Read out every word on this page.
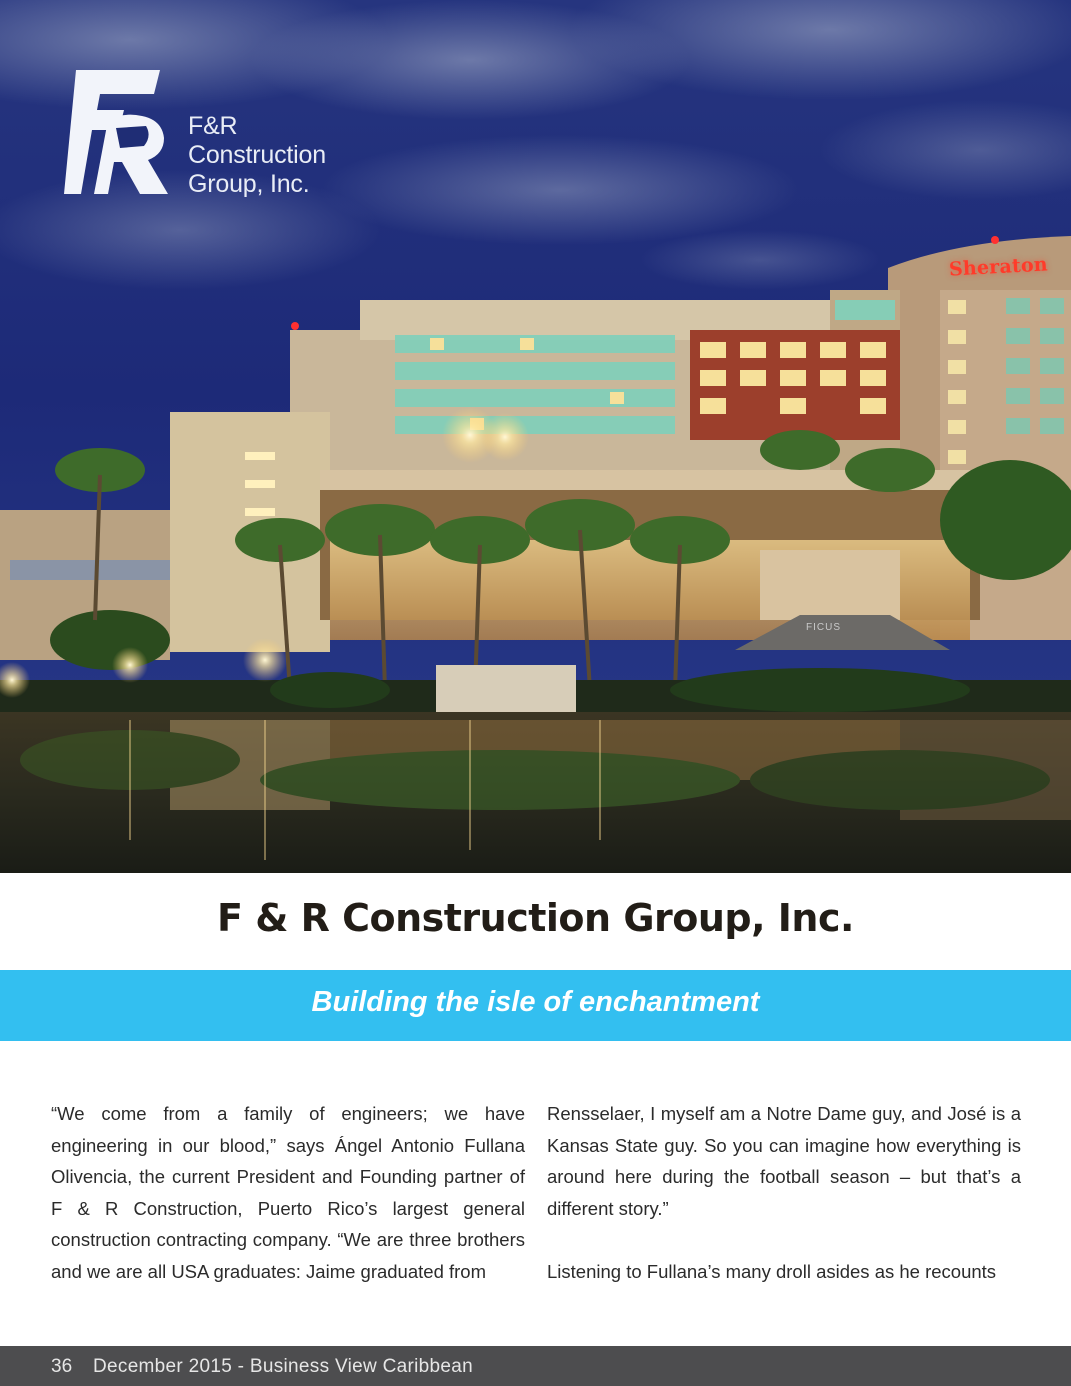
F&R
Construction
Group, Inc.
Sheraton
FICUS
F & R Construction Group, Inc.
Building the isle of enchantment

“We come from a family of engineers; we have engineering in our blood,” says Ángel Antonio Fullana Olivencia, the current President and Founding partner of F & R Construction, Puerto Rico’s largest general construction contracting company. “We are three brothers and we are all USA graduates: Jaime graduated from

Rensselaer, I myself am a Notre Dame guy, and José is a Kansas State guy. So you can imagine how everything is around here during the football season – but that’s a different story.”

Listening to Fullana’s many droll asides as he recounts

36 December 2015 - Business View Caribbean
